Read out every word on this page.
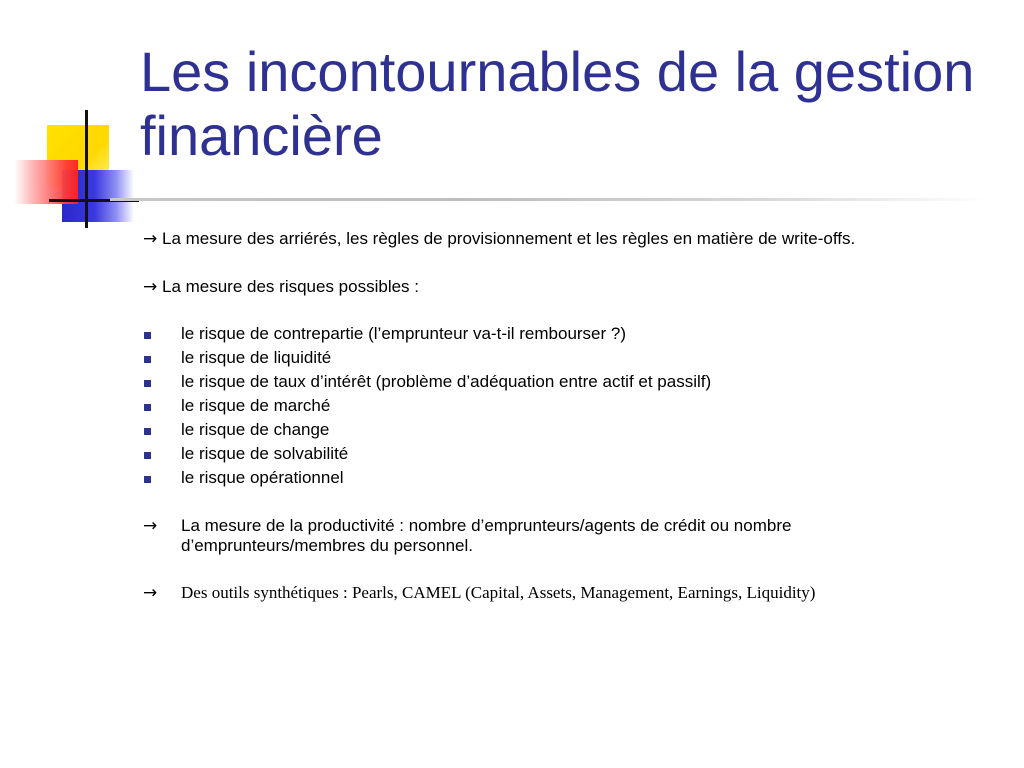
Les incontournables de la gestion financière
→ La mesure des arriérés, les règles de provisionnement et les règles en matière de write-offs.
→ La mesure des risques possibles :
le risque de contrepartie (l’emprunteur va-t-il rembourser ?)
le risque de liquidité
le risque de taux d’intérêt (problème d’adéquation entre actif et passilf)
le risque de marché
le risque de change
le risque de solvabilité
le risque opérationnel
→ La mesure de la productivité : nombre d’emprunteurs/agents de crédit ou nombre d’emprunteurs/membres du personnel.
→ Des outils synthétiques : Pearls, CAMEL (Capital, Assets, Management, Earnings, Liquidity)
